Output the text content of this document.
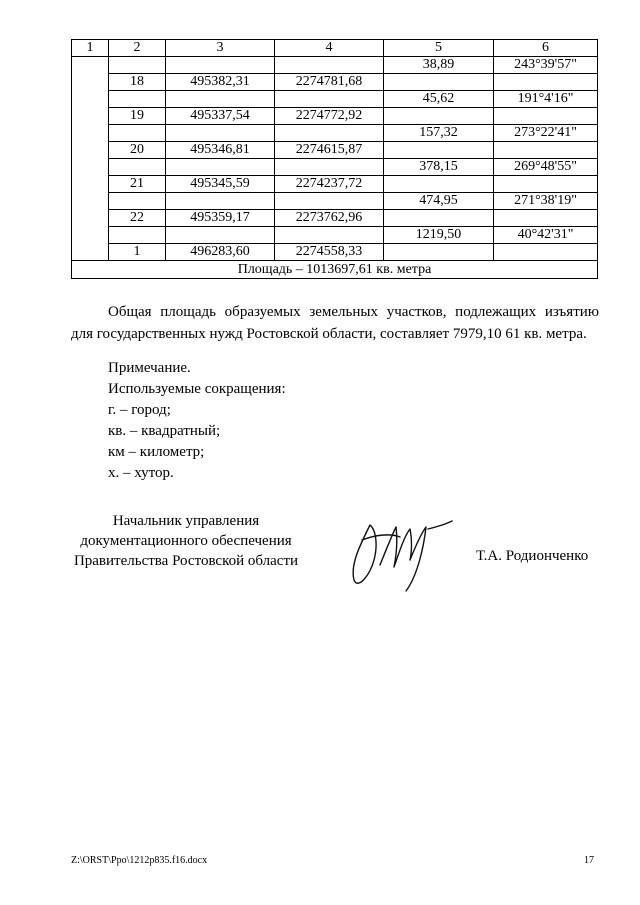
1	2	3	4	5	6
				38,89	243°39'57"
	18	495382,31	2274781,68		
				45,62	191°4'16"
	19	495337,54	2274772,92		
				157,32	273°22'41"
	20	495346,81	2274615,87		
				378,15	269°48'55"
	21	495345,59	2274237,72		
				474,95	271°38'19"
	22	495359,17	2273762,96		
				1219,50	40°42'31"
	1	496283,60	2274558,33		
Площадь – 1013697,61 кв. метра					
Общая площадь образуемых земельных участков, подлежащих изъятию
для государственных нужд Ростовской области, составляет 7979,10 61 кв. метра.
Примечание.
Используемые сокращения:
г. – город;
кв. – квадратный;
км – километр;
х. – хутор.
Начальник управления
документационного обеспечения
Правительства Ростовской области	Т.А. Родионченко
Z:\ORST\Ppo\1212p835.f16.docx	17
